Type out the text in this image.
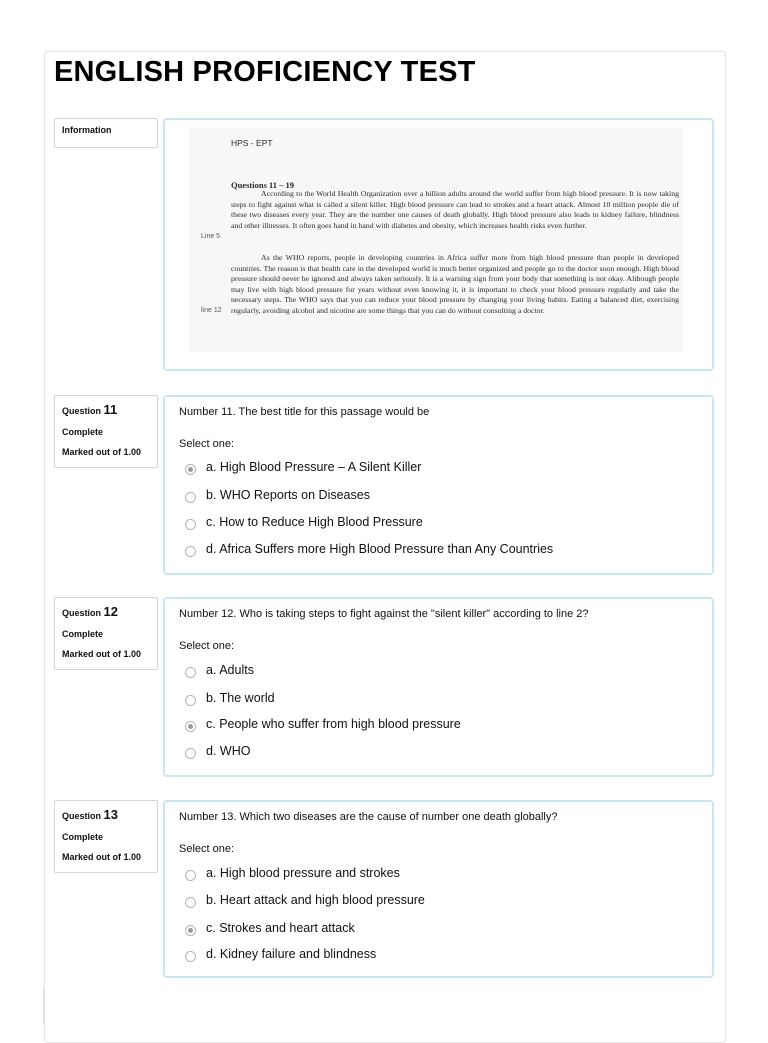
ENGLISH PROFICIENCY TEST
Information
HPS - EPT
Questions 11 – 19
According to the World Health Organization over a billion adults around the world suffer from high blood pressure. It is now taking steps to fight against what is called a silent killer. High blood pressure can lead to strokes and a heart attack. Almost 10 million people die of these two diseases every year. They are the number one causes of death globally. High blood pressure also leads to kidney failure, blindness and other illnesses. It often goes hand in hand with diabetes and obesity, which increases health risks even further.
As the WHO reports, people in developing countries in Africa suffer more from high blood pressure than people in developed countries. The reason is that health care in the developed world is much better organized and people go to the doctor soon enough. High blood pressure should never be ignored and always taken seriously. It is a warning sign from your body that something is not okay. Although people may live with high blood pressure for years without even knowing it, it is important to check your blood pressure regularly and take the necessary steps. The WHO says that you can reduce your blood pressure by changing your living habits. Eating a balanced diet, exercising regularly, avoiding alcohol and nicotine are some things that you can do without consulting a doctor.
Line 5
line 12
Question 11
Complete
Marked out of 1.00
Number 11. The best title for this passage would be
Select one:
a. High Blood Pressure – A Silent Killer
b. WHO Reports on Diseases
c. How to Reduce High Blood Pressure
d. Africa Suffers more High Blood Pressure than Any Countries
Question 12
Complete
Marked out of 1.00
Number 12. Who is taking steps to fight against the "silent killer" according to line 2?
Select one:
a. Adults
b. The world
c. People who suffer from high blood pressure
d. WHO
Question 13
Complete
Marked out of 1.00
Number 13. Which two diseases are the cause of number one death globally?
Select one:
a. High blood pressure and strokes
b. Heart attack and high blood pressure
c. Strokes and heart attack
d. Kidney failure and blindness
